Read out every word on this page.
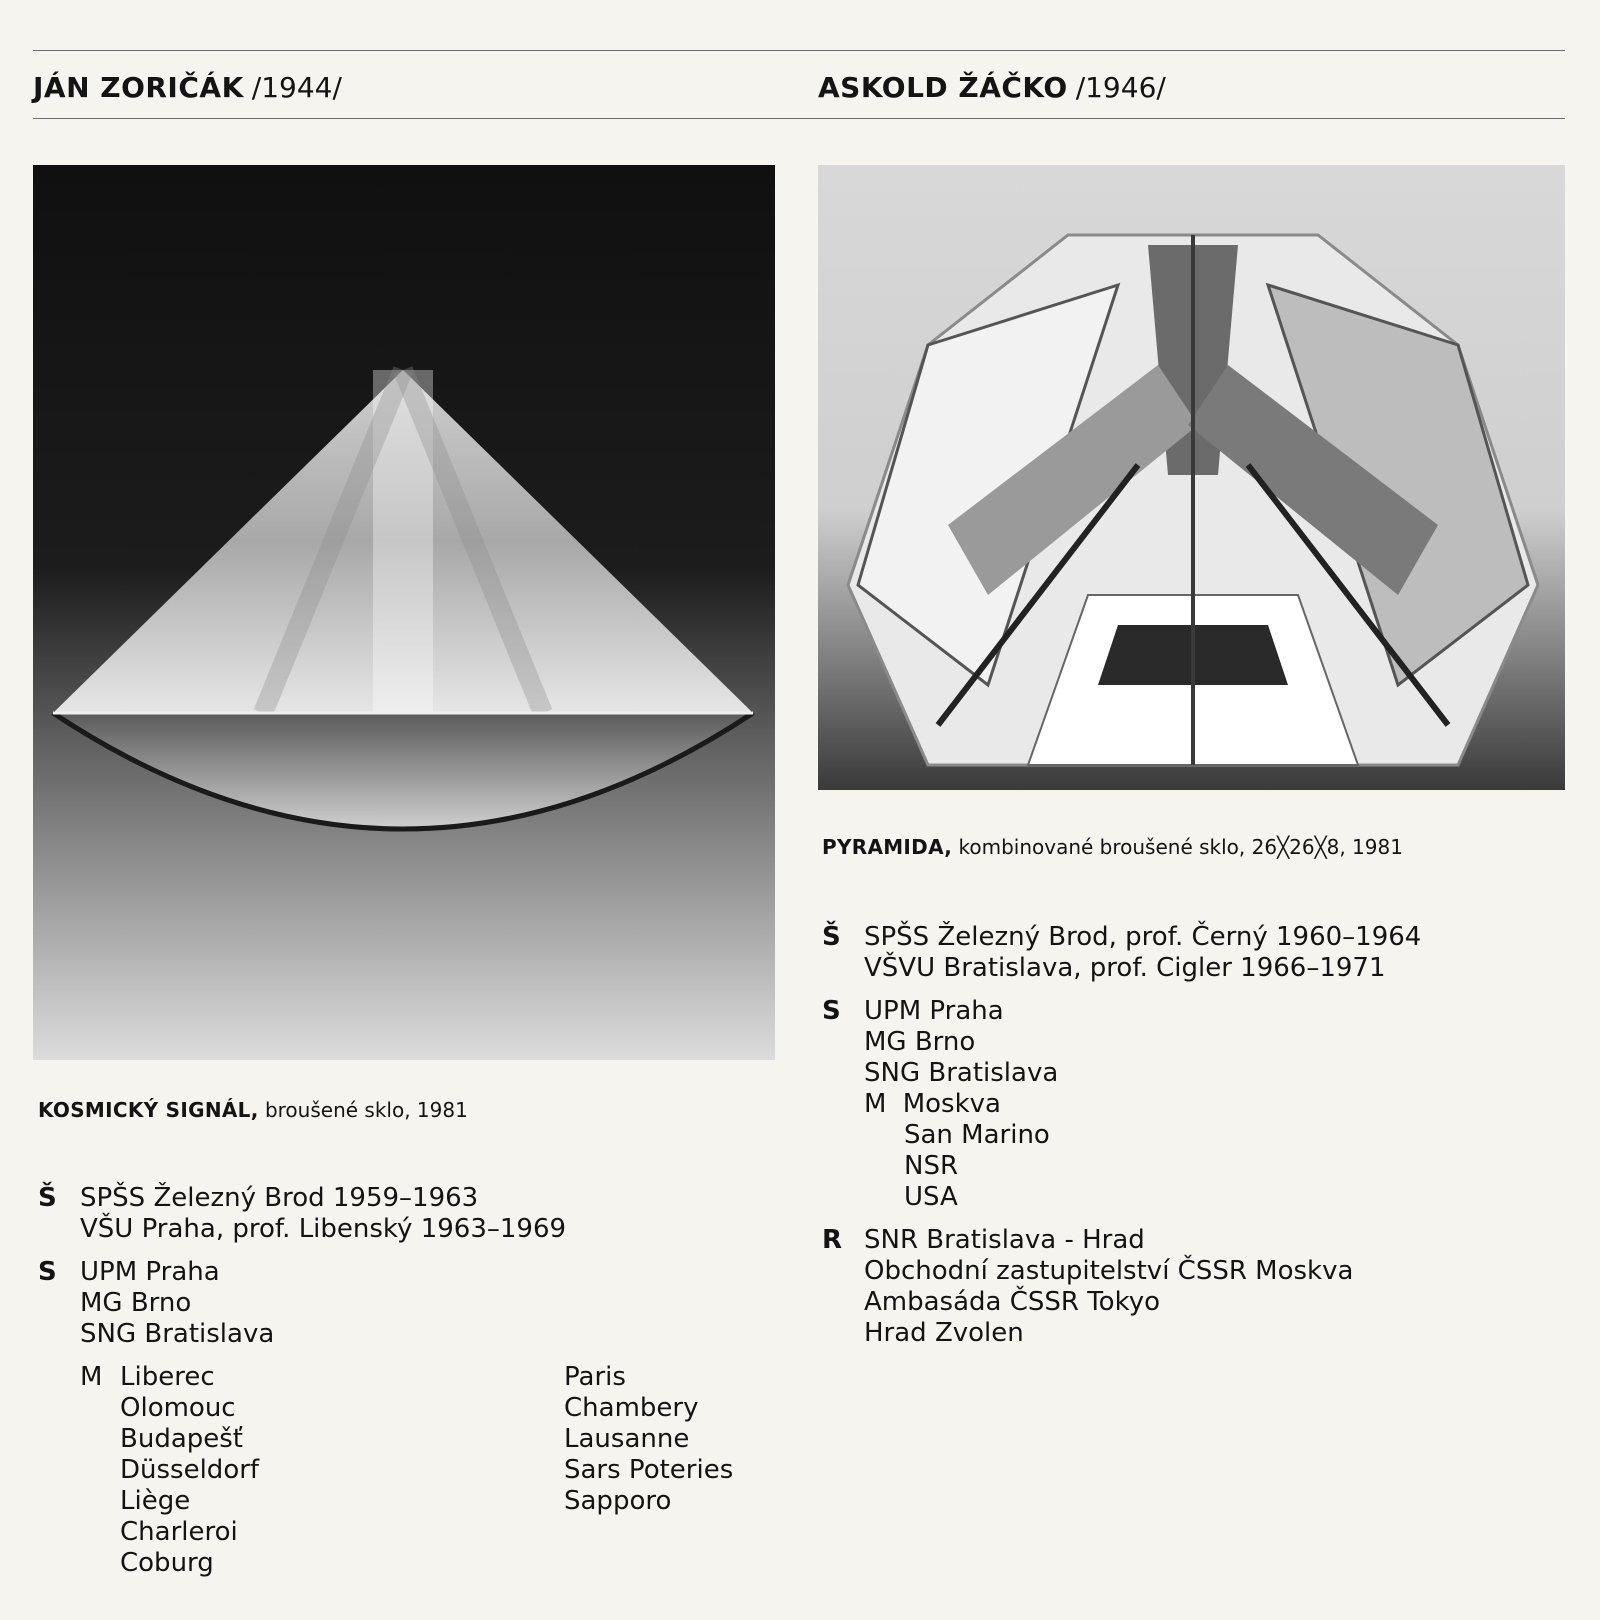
JÁN ZORIČÁK /1944/	ASKOLD ŽÁČKO /1946/
KOSMICKÝ SIGNÁL, broušené sklo, 1981
PYRAMIDA, kombinované broušené sklo, 26╳26╳8, 1981
Š SPŠS Železný Brod 1959–1963
VŠU Praha, prof. Libenský 1963–1969
S UPM Praha
MG Brno
SNG Bratislava
M Liberec
Olomouc
Budapešť
Düsseldorf
Liège
Charleroi
Coburg
Paris
Chambery
Lausanne
Sars Poteries
Sapporo
Š SPŠS Železný Brod, prof. Černý 1960–1964
VŠVU Bratislava, prof. Cigler 1966–1971
S UPM Praha
MG Brno
SNG Bratislava
M Moskva
San Marino
NSR
USA
R SNR Bratislava - Hrad
Obchodní zastupitelství ČSSR Moskva
Ambasáda ČSSR Tokyo
Hrad Zvolen
